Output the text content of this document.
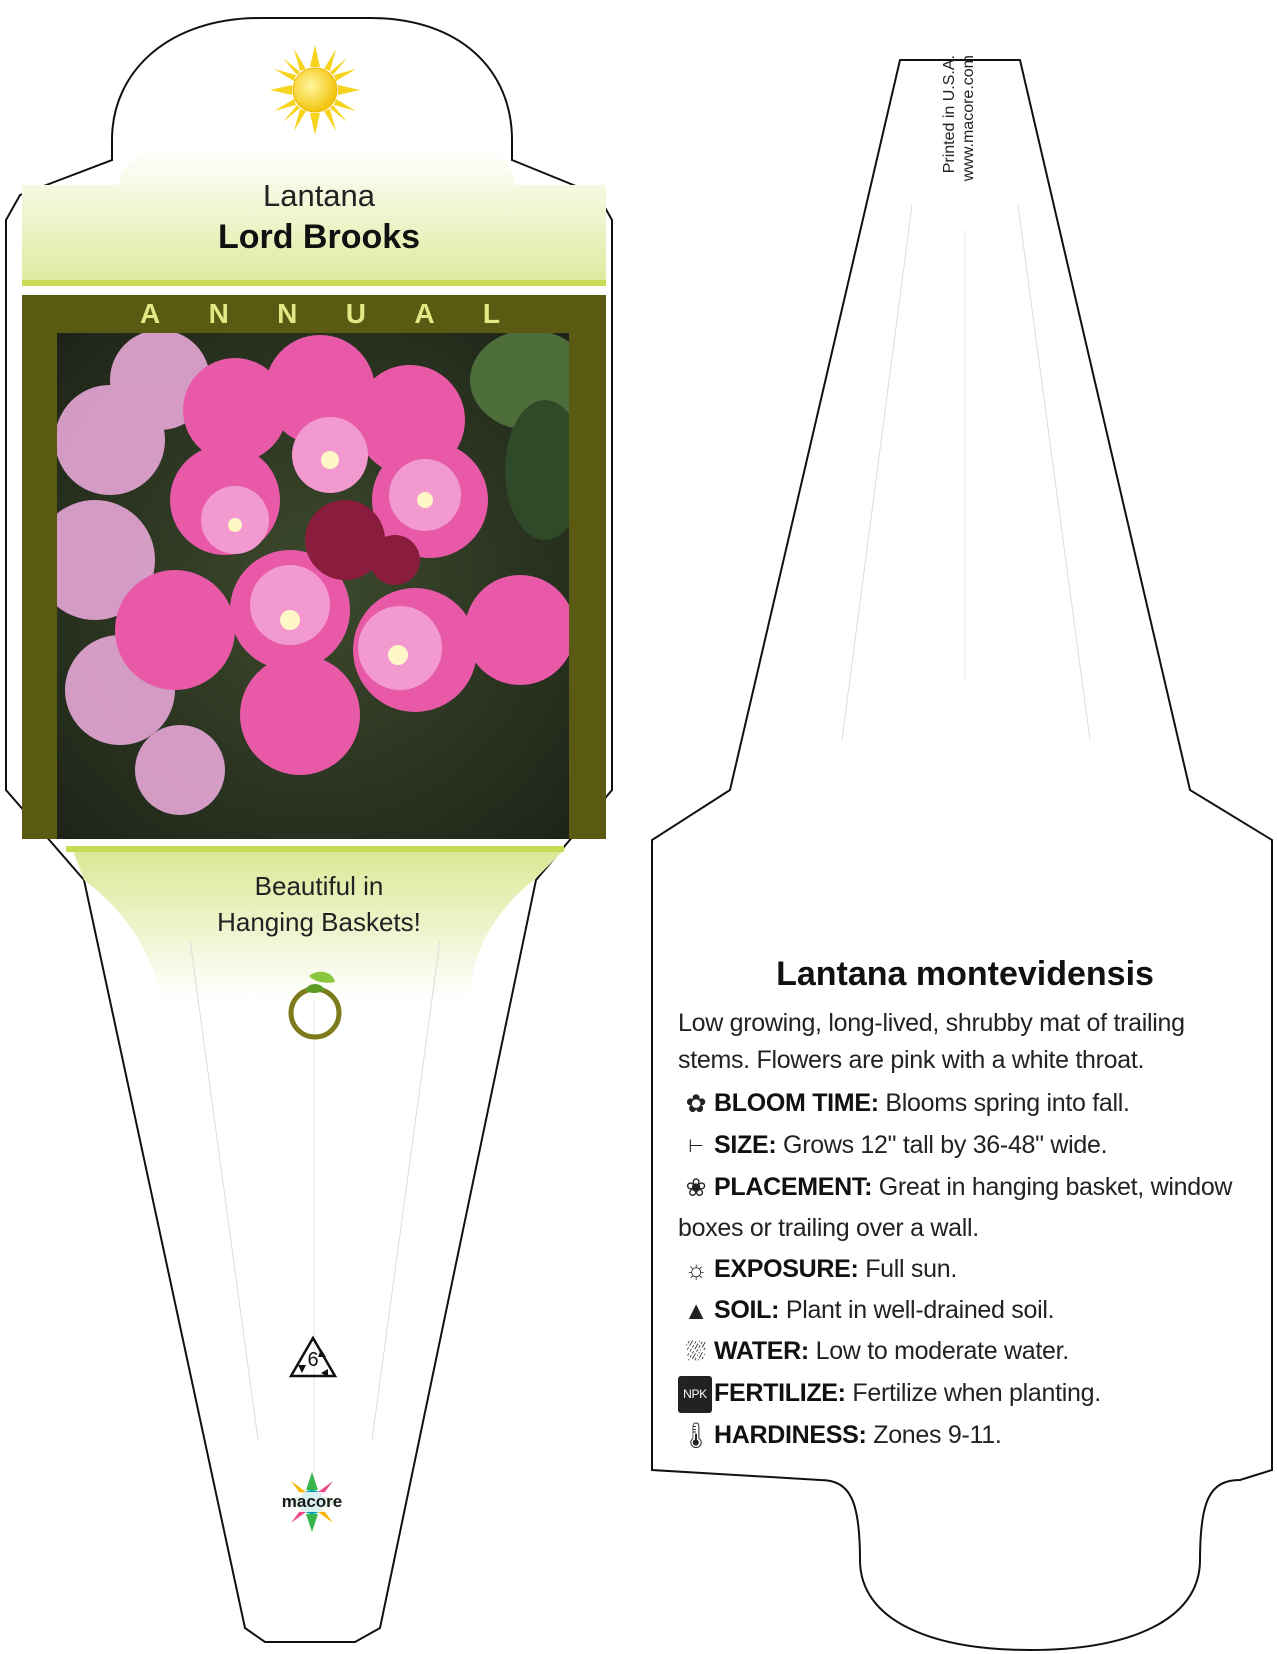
Lantana
Lord Brooks
A N N U A L
Beautiful in
Hanging Baskets!
6
macore
Printed in U.S.A. www.macore.com
Lantana montevidensis
Low growing, long-lived, shrubby mat of trailing
stems. Flowers are pink with a white throat.
✿ BLOOM TIME: Blooms spring into fall.
⊢ SIZE: Grows 12" tall by 36-48" wide.
❀ PLACEMENT: Great in hanging basket, window
boxes or trailing over a wall.
☼ EXPOSURE: Full sun.
▲ SOIL: Plant in well-drained soil.
⛆ WATER: Low to moderate water.
NPK FERTILIZE: Fertilize when planting.
🌡HARDINESS: Zones 9-11.
